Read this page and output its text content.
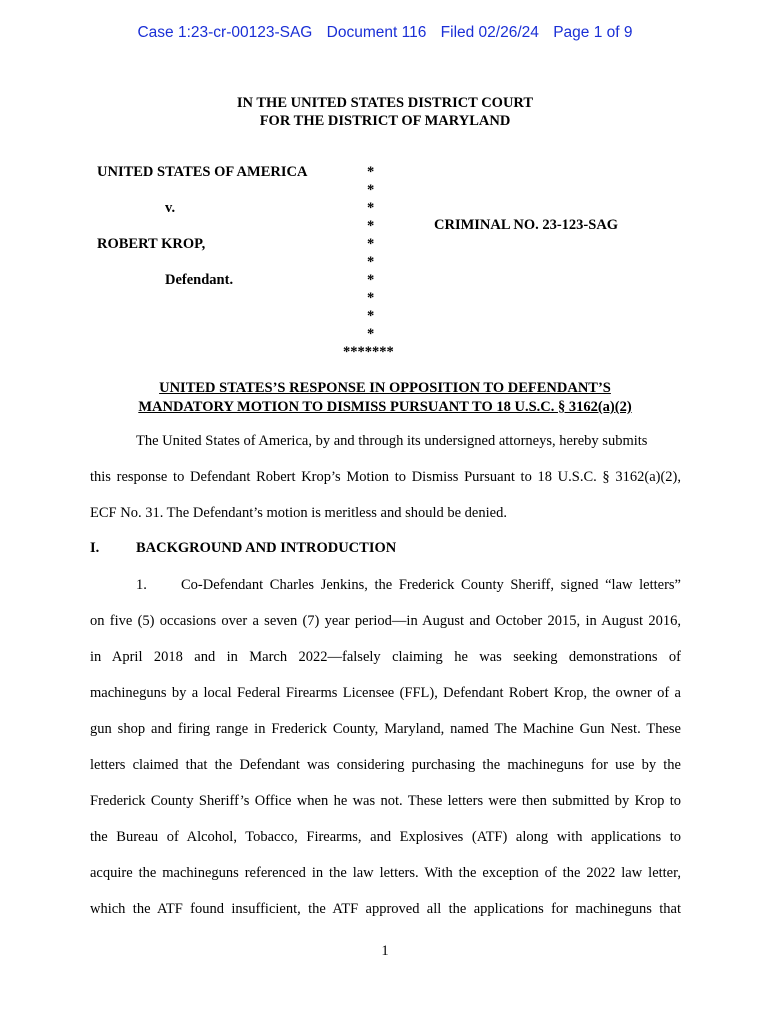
Case 1:23-cr-00123-SAG Document 116 Filed 02/26/24 Page 1 of 9
IN THE UNITED STATES DISTRICT COURT
FOR THE DISTRICT OF MARYLAND
UNITED STATES OF AMERICA
v.
ROBERT KROP,
Defendant.
*
*
*
*
*
*
*
*
*
*
*******
CRIMINAL NO. 23-123-SAG
UNITED STATES’S RESPONSE IN OPPOSITION TO DEFENDANT’S
MANDATORY MOTION TO DISMISS PURSUANT TO 18 U.S.C. § 3162(a)(2)
The United States of America, by and through its undersigned attorneys, hereby submits
this response to Defendant Robert Krop’s Motion to Dismiss Pursuant to 18 U.S.C. § 3162(a)(2),
ECF No. 31. The Defendant’s motion is meritless and should be denied.
I.	BACKGROUND AND INTRODUCTION
1. Co-Defendant Charles Jenkins, the Frederick County Sheriff, signed “law letters”
on five (5) occasions over a seven (7) year period—in August and October 2015, in August 2016,
in April 2018 and in March 2022—falsely claiming he was seeking demonstrations of
machineguns by a local Federal Firearms Licensee (FFL), Defendant Robert Krop, the owner of a
gun shop and firing range in Frederick County, Maryland, named The Machine Gun Nest. These
letters claimed that the Defendant was considering purchasing the machineguns for use by the
Frederick County Sheriff’s Office when he was not. These letters were then submitted by Krop to
the Bureau of Alcohol, Tobacco, Firearms, and Explosives (ATF) along with applications to
acquire the machineguns referenced in the law letters. With the exception of the 2022 law letter,
which the ATF found insufficient, the ATF approved all the applications for machineguns that
1
